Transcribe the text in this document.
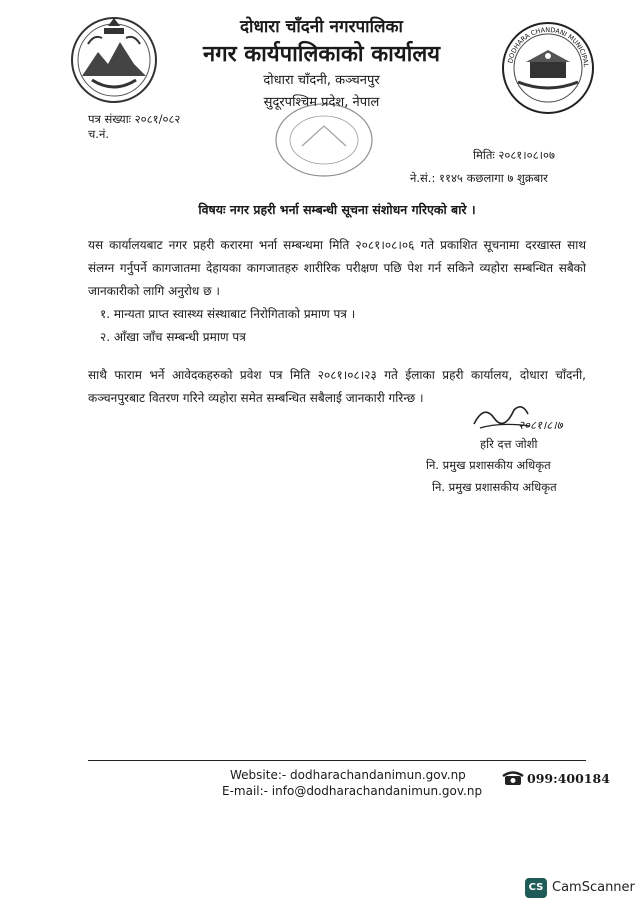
दोधारा चाँदनी नगरपालिका
नगर कार्यपालिकाको कार्यालय
दोधारा चाँदनी, कञ्चनपुर
सुदूरपश्चिम प्रदेश, नेपाल
DODHARA CHANDANI MUNICIPAL
पत्र संख्याः २०८१/०८२
च.नं.
मितिः २०८१।०८।०७
ने.सं.: ११४५ कछलागा ७ शुक्रबार
विषयः नगर प्रहरी भर्ना सम्बन्धी सूचना संशोधन गरिएको बारे ।
यस कार्यालयबाट नगर प्रहरी करारमा भर्ना सम्बन्धमा मिति २०८१।०८।०६ गते प्रकाशित सूचनामा दरखास्त साथ संलग्न गर्नुपर्ने कागजातमा देहायका कागजातहरु शारीरिक परीक्षण पछि पेश गर्न सकिने व्यहोरा सम्बन्धित सबैको जानकारीको लागि अनुरोध छ ।
१. मान्यता प्राप्त स्वास्थ्य संस्थाबाट निरोगिताको प्रमाण पत्र ।
२. आँखा जाँच सम्बन्धी प्रमाण पत्र
साथै फाराम भर्ने आवेदकहरुको प्रवेश पत्र मिति २०८१।०८।२३ गते ईलाका प्रहरी कार्यालय, दोधारा चाँदनी, कञ्चनपुरबाट वितरण गरिने व्यहोरा समेत सम्बन्धित सबैलाई जानकारी गरिन्छ ।
२०८१।८।७
हरि दत्त जोशी
नि. प्रमुख प्रशासकीय अधिकृत
नि. प्रमुख प्रशासकीय अधिकृत
Website:- dodharachandanimun.gov.np
E-mail:- info@dodharachandanimun.gov.np
099:400184
CS CamScanner
